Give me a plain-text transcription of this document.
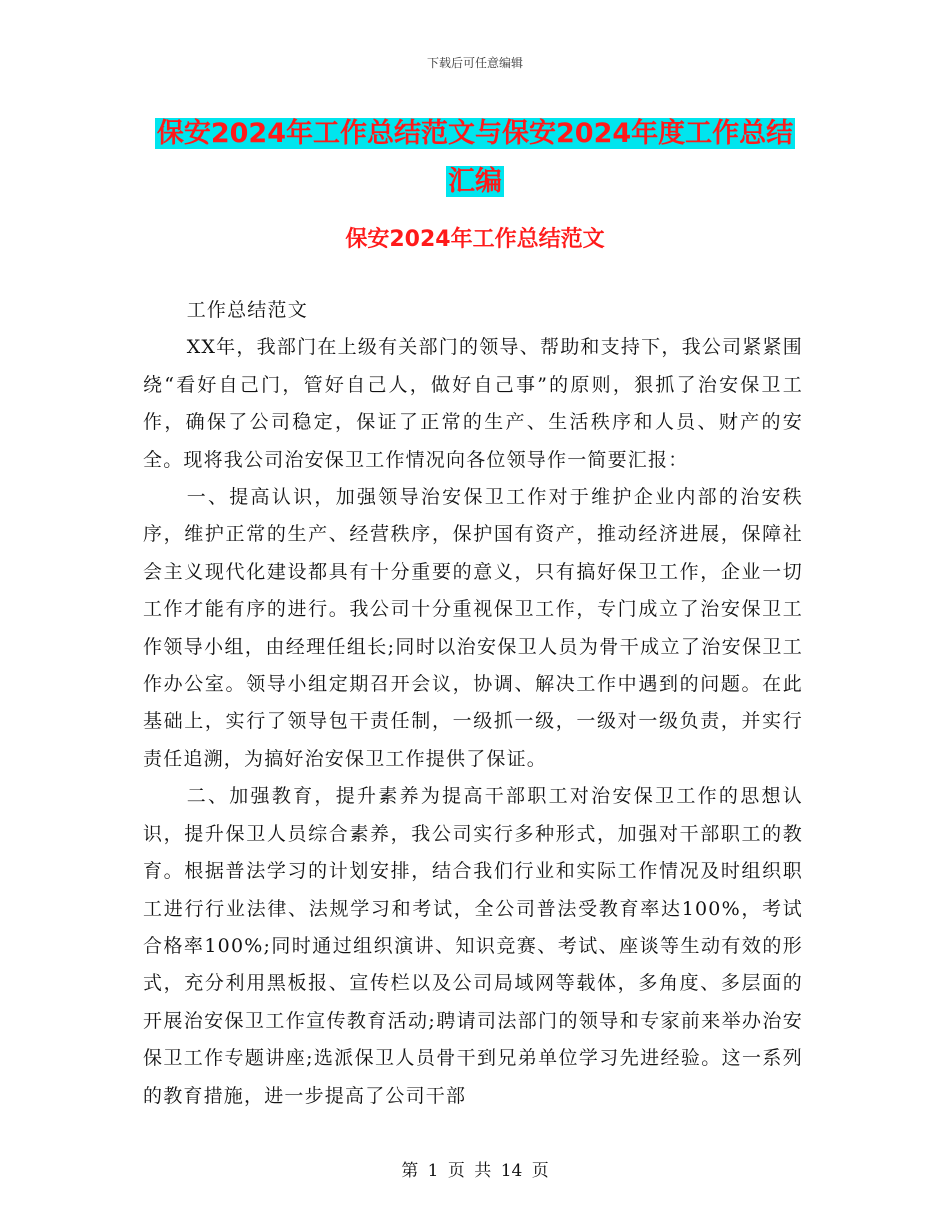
下载后可任意编辑
保安2024年工作总结范文与保安2024年度工作总结
汇编
保安2024年工作总结范文

工作总结范文

XX年，我部门在上级有关部门的领导、帮助和支持下，我公司紧紧围绕“看好自己门，管好自己人，做好自己事”的原则，狠抓了治安保卫工作，确保了公司稳定，保证了正常的生产、生活秩序和人员、财产的安全。现将我公司治安保卫工作情况向各位领导作一简要汇报：

一、提高认识，加强领导治安保卫工作对于维护企业内部的治安秩序，维护正常的生产、经营秩序，保护国有资产，推动经济进展，保障社会主义现代化建设都具有十分重要的意义，只有搞好保卫工作，企业一切工作才能有序的进行。我公司十分重视保卫工作，专门成立了治安保卫工作领导小组，由经理任组长;同时以治安保卫人员为骨干成立了治安保卫工作办公室。领导小组定期召开会议，协调、解决工作中遇到的问题。在此基础上，实行了领导包干责任制，一级抓一级，一级对一级负责，并实行责任追溯，为搞好治安保卫工作提供了保证。

二、加强教育，提升素养为提高干部职工对治安保卫工作的思想认识，提升保卫人员综合素养，我公司实行多种形式，加强对干部职工的教育。根据普法学习的计划安排，结合我们行业和实际工作情况及时组织职工进行行业法律、法规学习和考试，全公司普法受教育率达100%，考试合格率100%;同时通过组织演讲、知识竞赛、考试、座谈等生动有效的形式，充分利用黑板报、宣传栏以及公司局域网等载体，多角度、多层面的开展治安保卫工作宣传教育活动;聘请司法部门的领导和专家前来举办治安保卫工作专题讲座;选派保卫人员骨干到兄弟单位学习先进经验。这一系列的教育措施，进一步提高了公司干部

第 1 页 共 14 页
